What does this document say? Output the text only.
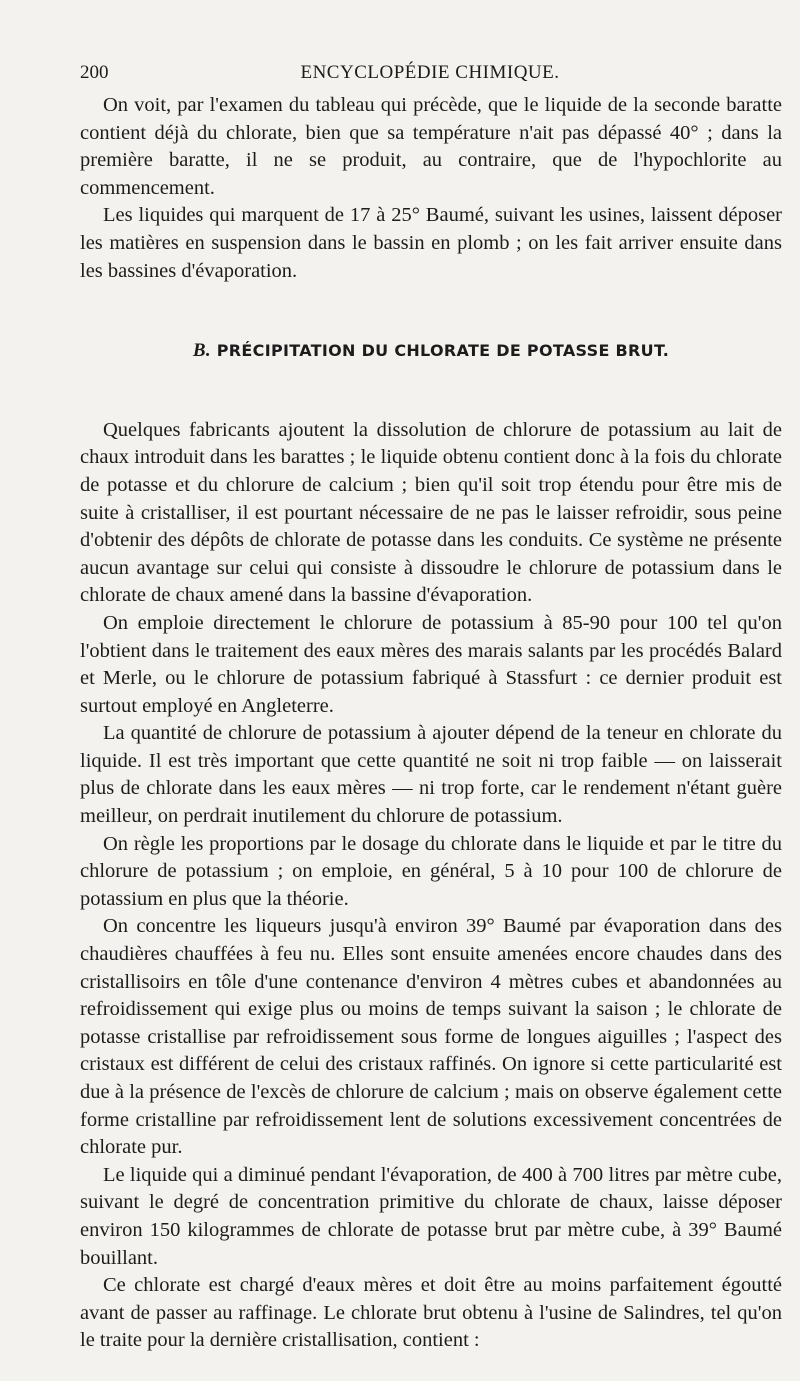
200	ENCYCLOPÉDIE CHIMIQUE.

On voit, par l'examen du tableau qui précède, que le liquide de la seconde baratte contient déjà du chlorate, bien que sa température n'ait pas dépassé 40° ; dans la première baratte, il ne se produit, au contraire, que de l'hypochlorite au commencement.

Les liquides qui marquent de 17 à 25° Baumé, suivant les usines, laissent déposer les matières en suspension dans le bassin en plomb ; on les fait arriver ensuite dans les bassines d'évaporation.

B. PRÉCIPITATION DU CHLORATE DE POTASSE BRUT.

Quelques fabricants ajoutent la dissolution de chlorure de potassium au lait de chaux introduit dans les barattes ; le liquide obtenu contient donc à la fois du chlorate de potasse et du chlorure de calcium ; bien qu'il soit trop étendu pour être mis de suite à cristalliser, il est pourtant nécessaire de ne pas le laisser refroidir, sous peine d'obtenir des dépôts de chlorate de potasse dans les conduits. Ce système ne présente aucun avantage sur celui qui consiste à dissoudre le chlorure de potassium dans le chlorate de chaux amené dans la bassine d'évaporation.

On emploie directement le chlorure de potassium à 85-90 pour 100 tel qu'on l'obtient dans le traitement des eaux mères des marais salants par les procédés Balard et Merle, ou le chlorure de potassium fabriqué à Stassfurt : ce dernier produit est surtout employé en Angleterre.

La quantité de chlorure de potassium à ajouter dépend de la teneur en chlorate du liquide. Il est très important que cette quantité ne soit ni trop faible — on laisserait plus de chlorate dans les eaux mères — ni trop forte, car le rendement n'étant guère meilleur, on perdrait inutilement du chlorure de potassium.

On règle les proportions par le dosage du chlorate dans le liquide et par le titre du chlorure de potassium ; on emploie, en général, 5 à 10 pour 100 de chlorure de potassium en plus que la théorie.

On concentre les liqueurs jusqu'à environ 39° Baumé par évaporation dans des chaudières chauffées à feu nu. Elles sont ensuite amenées encore chaudes dans des cristallisoirs en tôle d'une contenance d'environ 4 mètres cubes et abandonnées au refroidissement qui exige plus ou moins de temps suivant la saison ; le chlorate de potasse cristallise par refroidissement sous forme de longues aiguilles ; l'aspect des cristaux est différent de celui des cristaux raffinés. On ignore si cette particularité est due à la présence de l'excès de chlorure de calcium ; mais on observe également cette forme cristalline par refroidissement lent de solutions excessivement concentrées de chlorate pur.

Le liquide qui a diminué pendant l'évaporation, de 400 à 700 litres par mètre cube, suivant le degré de concentration primitive du chlorate de chaux, laisse déposer environ 150 kilogrammes de chlorate de potasse brut par mètre cube, à 39° Baumé bouillant.

Ce chlorate est chargé d'eaux mères et doit être au moins parfaitement égoutté avant de passer au raffinage. Le chlorate brut obtenu à l'usine de Salindres, tel qu'on le traite pour la dernière cristallisation, contient :
